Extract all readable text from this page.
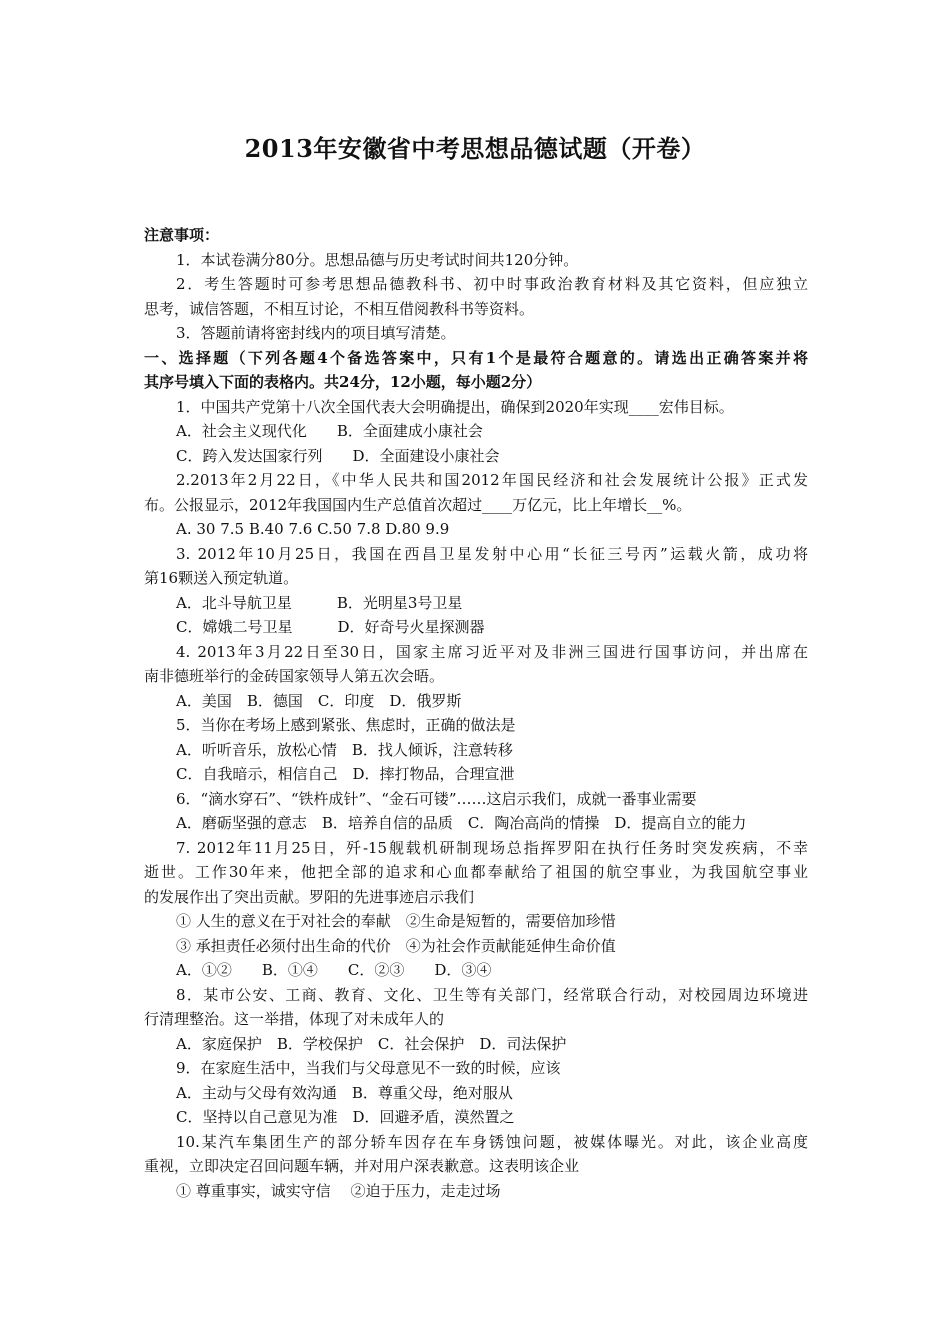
2013年安徽省中考思想品德试题（开卷）
注意事项：
1．本试卷满分80分。思想品德与历史考试时间共120分钟。
2．考生答题时可参考思想品德教科书、初中时事政治教育材料及其它资料，但应独立
思考，诚信答题，不相互讨论，不相互借阅教科书等资料。
3．答题前请将密封线内的项目填写清楚。
一、选择题（下列各题4个备选答案中，只有1个是最符合题意的。请选出正确答案并将
其序号填入下面的表格内。共24分，12小题，每小题2分）
1．中国共产党第十八次全国代表大会明确提出，确保到2020年实现____宏伟目标。
A．社会主义现代化　　B．全面建成小康社会
C．跨入发达国家行列　　D．全面建设小康社会
2.2013年2月22日，《中华人民共和国2012年国民经济和社会发展统计公报》正式发
布。公报显示，2012年我国国内生产总值首次超过____万亿元，比上年增长__%。
A. 30 7.5 B.40 7.6 C.50 7.8 D.80 9.9
3. 2012年10月25日，我国在西昌卫星发射中心用“长征三号丙”运载火箭，成功将
第16颗送入预定轨道。
A．北斗导航卫星　　　B．光明星3号卫星
C．嫦娥二号卫星　　　D．好奇号火星探测器
4. 2013年3月22日至30日，国家主席习近平对及非洲三国进行国事访问，并出席在
南非德班举行的金砖国家领导人第五次会晤。
A．美国　B．德国　C．印度　D．俄罗斯
5．当你在考场上感到紧张、焦虑时，正确的做法是
A．听听音乐，放松心情　B．找人倾诉，注意转移
C．自我暗示，相信自己　D．摔打物品，合理宣泄
6．“滴水穿石”、“铁杵成针”、“金石可镂”……这启示我们，成就一番事业需要
A．磨砺坚强的意志　B．培养自信的品质　C．陶冶高尚的情操　D．提高自立的能力
7. 2012年11月25日，歼-15舰载机研制现场总指挥罗阳在执行任务时突发疾病，不幸
逝世。工作30年来，他把全部的追求和心血都奉献给了祖国的航空事业，为我国航空事业
的发展作出了突出贡献。罗阳的先进事迹启示我们
① 人生的意义在于对社会的奉献　②生命是短暂的，需要倍加珍惜
③ 承担责任必须付出生命的代价　④为社会作贡献能延伸生命价值
A．①②　　B．①④　　C．②③　　D．③④
8．某市公安、工商、教育、文化、卫生等有关部门，经常联合行动，对校园周边环境进
行清理整治。这一举措，体现了对未成年人的
A．家庭保护　B．学校保护　C．社会保护　D．司法保护
9．在家庭生活中，当我们与父母意见不一致的时候，应该
A．主动与父母有效沟通　B．尊重父母，绝对服从
C．坚持以自己意见为准　D．回避矛盾，漠然置之
10.某汽车集团生产的部分轿车因存在车身锈蚀问题，被媒体曝光。对此，该企业高度
重视，立即决定召回问题车辆，并对用户深表歉意。这表明该企业
① 尊重事实，诚实守信　 ②迫于压力，走走过场
